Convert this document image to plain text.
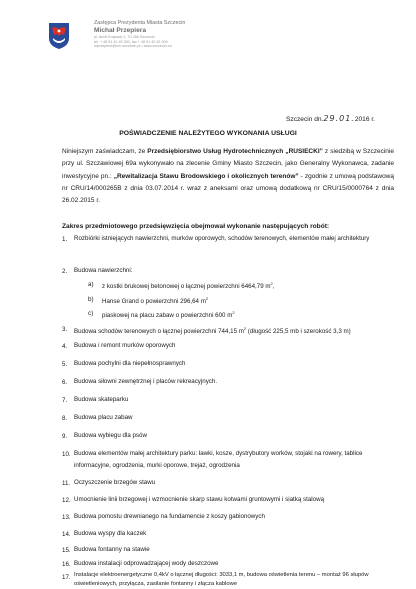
Zastępca Prezydenta Miasta Szczecin
Michał Przepiera
pl. Armii Krajowej 1, 70-456 Szczecin
tel. + 48 91 42 45 383, fax + 48 91 42 45 309
mprzepiera@um.szczecin.pl • www.szczecin.eu
Szczecin dn.29.01.2016 r.
POŚWIADCZENIE NALEŻYTEGO WYKONANIA USŁUGI
Niniejszym zaświadczam, że Przedsiębiorstwo Usług Hydrotechnicznych „RUSIECKI” z siedzibą w Szczecinie przy ul. Szczawiowej 69a wykonywało na zlecenie Gminy Miasto Szczecin, jako Generalny Wykonawca, zadanie inwestycyjne pn.: „Rewitalizacja Stawu Brodowskiego i okolicznych terenów” - zgodnie z umową podstawową nr CRU/14/000265B z dnia 03.07.2014 r. wraz z aneksami oraz umową dodatkową nr CRU/15/0000764 z dnia 26.02.2015 r.
Zakres przedmiotowego przedsięwzięcia obejmował wykonanie następujących robót:
1. Rozbiórki istniejących nawierzchni, murków oporowych, schodów terenowych, elementów małej architektury
2. Budowa nawierzchni:
a) z kostki brukowej betonowej o łącznej powierzchni 6464,79 $m^2$,
b) Hanse Grand o powierzchni 296,64 $m^2$
c) piaskowej na placu zabaw o powierzchni 600 $m^2$
3. Budowa schodów terenowych o łącznej powierzchni 744,15 $m^2$ (długość 225,5 mb i szerokość 3,3 m)
4. Budowa i remont murków oporowych
5. Budowa pochylni dla niepełnosprawnych
6. Budowa siłowni zewnętrznej i placów rekreacyjnych.
7. Budowa skateparku
8. Budowa placu zabaw
9. Budowa wybiegu dla psów
10. Budowa elementów małej architektury parku: ławki, kosze, dystrybutory worków, stojaki na rowery, tablice informacyjne, ogrodzenia, murki oporowe, trejaż, ogrodzenia
11. Oczyszczenie brzegów stawu
12. Umocnienie linii brzegowej i wzmocnienie skarp stawu kotwami gruntowymi i siatką stalową
13. Budowa pomostu drewnianego na fundamencie z koszy gabionowych
14. Budowa wyspy dla kaczek
15. Budowa fontanny na stawie
16. Budowa instalacji odprowadzającej wody deszczowe
17. Instalacje elektroenergetyczne 0,4kV o łącznej długości: 3033,1 m, budowa oświetlenia terenu – montaż 96 słupów oświetleniowych, przyłącza, zasilanie fontanny i złącza kablowe
